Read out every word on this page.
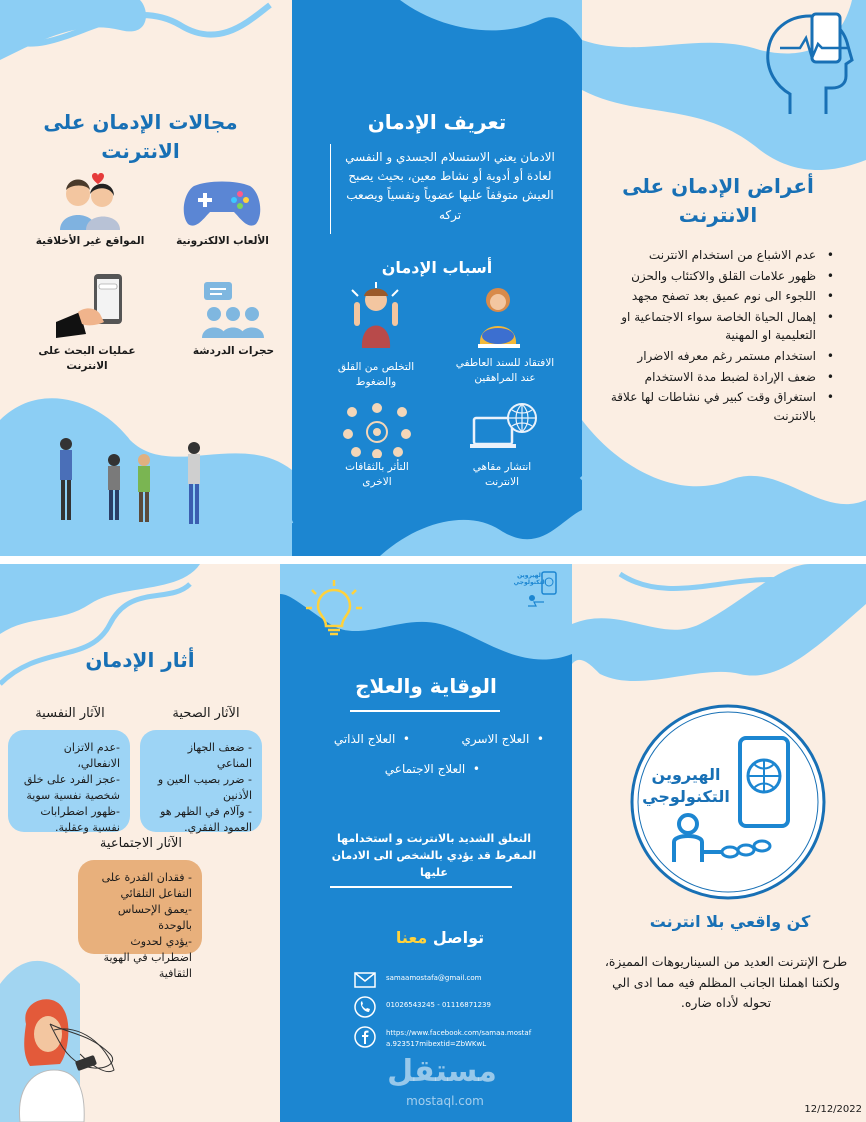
مجالات الإدمان على الانترنت
الألعاب الالكترونية
المواقع غير الأخلاقية
حجرات الدردشة
عمليات البحث على الانترنت
تعريف الإدمان
الادمان يعني الاستسلام الجسدي و النفسي لعادة أو أدوية أو نشاط معين، بحيث يصبح العيش متوقفاً عليها عضوياً ونفسياً ويصعب تركه
أسباب الإدمان
الافتقاد للسند العاطفي عند المراهقين
التخلص من القلق والضغوط
انتشار مقاهي الانترنت
التأثر بالثقافات الاخرى
أعراض الإدمان على الانترنت
• عدم الاشباع من استخدام الانترنت
• ظهور علامات القلق والاكتئاب والحزن
• اللجوء الى نوم عميق بعد تصفح مجهد
• إهمال الحياة الخاصة سواء الاجتماعية او التعليمية او المهنية
• استخدام مستمر رغم معرفه الاضرار
• ضعف الإرادة لضبط مدة الاستخدام
• استغراق وقت كبير في نشاطات لها علاقة بالانترنت
أثار الإدمان
الآثار الصحية
الآثار النفسية
- ضعف الجهاز المناعي
- ضرر بصيب العين و الأذنين
- وآلام في الظهر هو العمود الفقري.
-عدم الاتزان الانفعالي،
-عجز الفرد على خلق شخصية نفسية سوية
-ظهور اضطرابات نفسية وعقلية.
الآثار الاجتماعية
- فقدان القدرة على التفاعل التلقائي
-يعمق الإحساس بالوحدة
-يؤدي لحدوث اضطراب في الهوية الثقافية
الهيروين التكنولوجي
الوقاية والعلاج
•  العلاج الاسري
•  العلاج الذاتي
•  العلاج الاجتماعي
التعلق الشديد بالانترنت و استخدامها المفرط قد يؤدي بالشخص الى الادمان عليها
تواصل معنا
samaamostafa@gmail.com
01026543245 - 01116871239
https://www.facebook.com/samaa.mostafa.923517mibextid=ZbWKwL
مستقل
mostaql.com
الهيروين التكنولوجي
كن واقعي بلا انترنت
طرح الإنترنت العديد من السيناريوهات المميزة، ولكننا اهملنا الجانب المظلم فيه مما ادى الي تحوله لأداه ضاره.
12/12/2022
